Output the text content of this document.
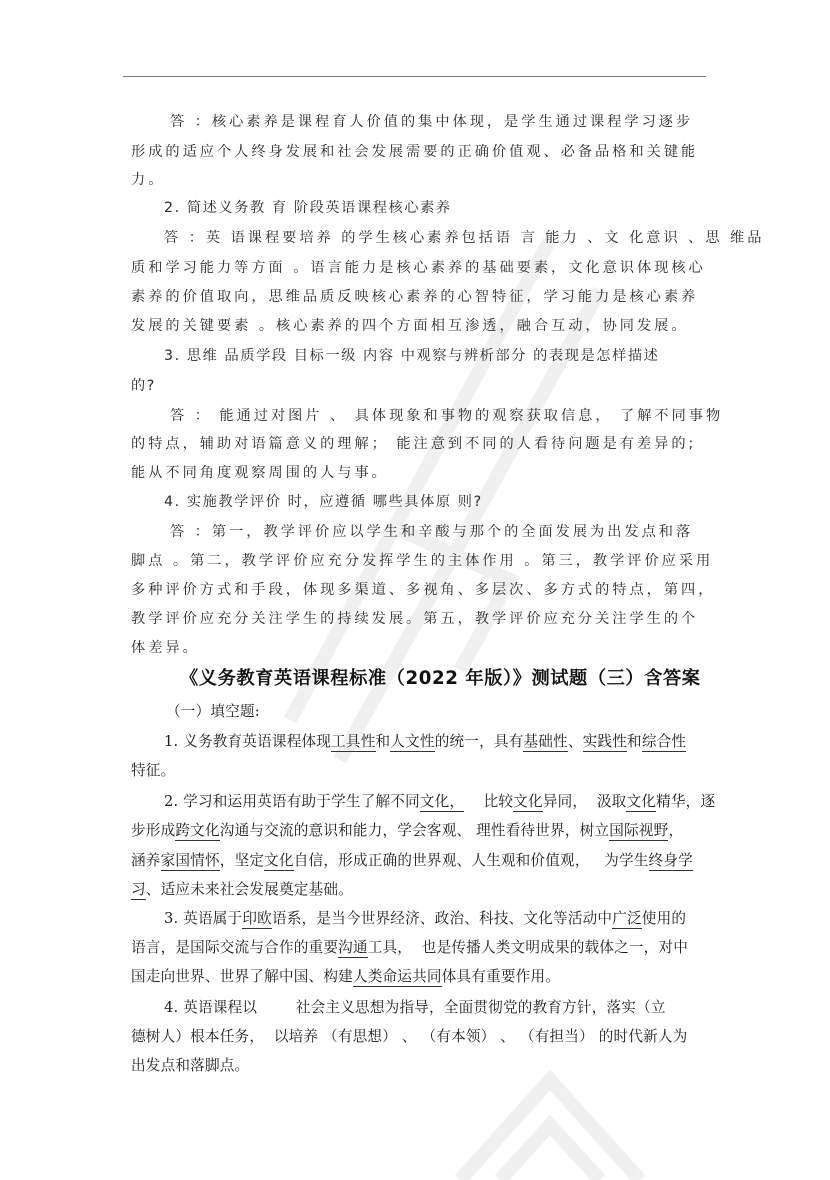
答 ：核心素养是课程育人价值的集中体现，是学生通过课程学习逐步
形成的适应个人终身发展和社会发展需要的正确价值观、必备品格和关键能
力。
2. 简述义务教 育 阶段英语课程核心素养
答 ：英 语课程要培养 的学生核心素养包括语 言 能力 、文 化意识 、思 维品
质和学习能力等方面 。语言能力是核心素养的基础要素，文化意识体现核心
素养的价值取向，思维品质反映核心素养的心智特征，学习能力是核心素养
发展的关键要素 。核心素养的四个方面相互渗透，融合互动，协同发展。
3. 思维 品质学段 目标一级 内容 中观察与辨析部分 的表现是怎样描述
的?
答 ： 能通过对图片 、 具体现象和事物的观察获取信息， 了解不同事物
的特点，辅助对语篇意义的理解； 能注意到不同的人看待问题是有差异的;
能从不同角度观察周围的人与事。
4. 实施教学评价 时，应遵循 哪些具体原 则?
答 ：第一，教学评价应以学生和辛酸与那个的全面发展为出发点和落
脚点 。第二，教学评价应充分发挥学生的主体作用 。第三，教学评价应采用
多种评价方式和手段，体现多渠道、多视角、多层次、多方式的特点，第四，
教学评价应充分关注学生的持续发展。第五，教学评价应充分关注学生的个
体差异。
《义务教育英语课程标准（2022 年版）》测试题（三）含答案
（一）填空题:
1. 义务教育英语课程体现工具性和人文性的统一，具有基础性、实践性和综合性
特征。
2. 学习和运用英语有助于学生了解不同文化，    比较文化异同，  汲取文化精华，逐
步形成跨文化沟通与交流的意识和能力，学会客观、 理性看待世界，树立国际视野，
涵养家国情怀，坚定文化自信，形成正确的世界观、人生观和价值观，   为学生终身学
习、适应未来社会发展奠定基础。
3. 英语属于印欧语系，是当今世界经济、政治、科技、文化等活动中广泛使用的
语言，是国际交流与合作的重要沟通工具，  也是传播人类文明成果的载体之一，对中
国走向世界、世界了解中国、构建人类命运共同体具有重要作用。
4. 英语课程以        社会主义思想为指导，全面贯彻党的教育方针，落实（立
德树人）根本任务，  以培养 （有思想） 、 （有本领） 、 （有担当） 的时代新人为
出发点和落脚点。
